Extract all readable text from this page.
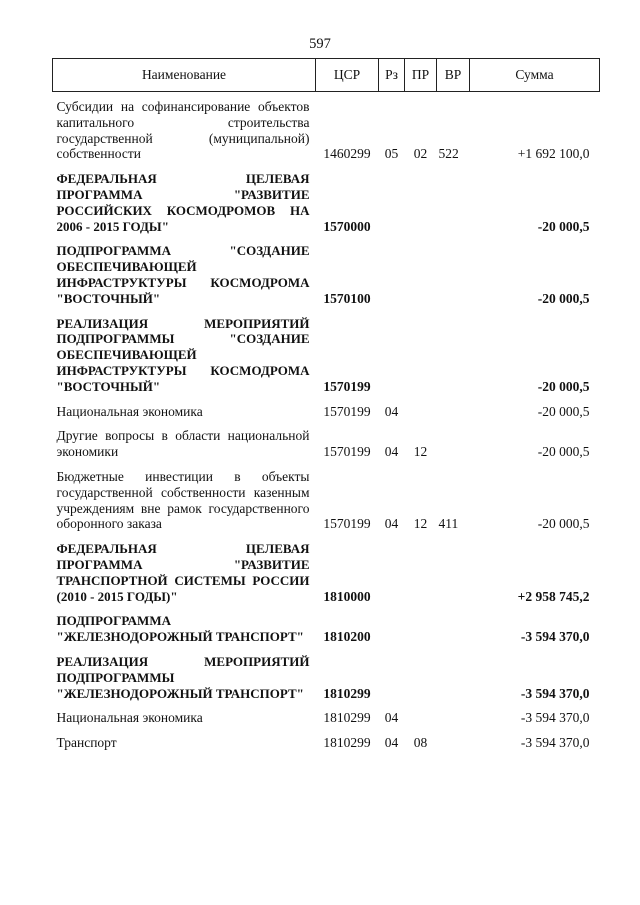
597
Наименование	ЦСР	Рз	ПР	ВР	Сумма
Субсидии на софинансирование объектов капитального строительства государственной (муниципальной) собственности	1460299	05	02	522	+1 692 100,0
ФЕДЕРАЛЬНАЯ ЦЕЛЕВАЯ ПРОГРАММА "РАЗВИТИЕ РОССИЙСКИХ КОСМОДРОМОВ НА 2006 - 2015 ГОДЫ"	1570000				-20 000,5
ПОДПРОГРАММА "СОЗДАНИЕ ОБЕСПЕЧИВАЮЩЕЙ ИНФРАСТРУКТУРЫ КОСМОДРОМА "ВОСТОЧНЫЙ"	1570100				-20 000,5
РЕАЛИЗАЦИЯ МЕРОПРИЯТИЙ ПОДПРОГРАММЫ "СОЗДАНИЕ ОБЕСПЕЧИВАЮЩЕЙ ИНФРАСТРУКТУРЫ КОСМОДРОМА "ВОСТОЧНЫЙ"	1570199				-20 000,5
Национальная экономика	1570199	04			-20 000,5
Другие вопросы в области национальной экономики	1570199	04	12		-20 000,5
Бюджетные инвестиции в объекты государственной собственности казенным учреждениям вне рамок государственного оборонного заказа	1570199	04	12	411	-20 000,5
ФЕДЕРАЛЬНАЯ ЦЕЛЕВАЯ ПРОГРАММА "РАЗВИТИЕ ТРАНСПОРТНОЙ СИСТЕМЫ РОССИИ (2010 - 2015 ГОДЫ)"	1810000				+2 958 745,2
ПОДПРОГРАММА "ЖЕЛЕЗНОДОРОЖНЫЙ ТРАНСПОРТ"	1810200				-3 594 370,0
РЕАЛИЗАЦИЯ МЕРОПРИЯТИЙ ПОДПРОГРАММЫ "ЖЕЛЕЗНОДОРОЖНЫЙ ТРАНСПОРТ"	1810299				-3 594 370,0
Национальная экономика	1810299	04			-3 594 370,0
Транспорт	1810299	04	08		-3 594 370,0
